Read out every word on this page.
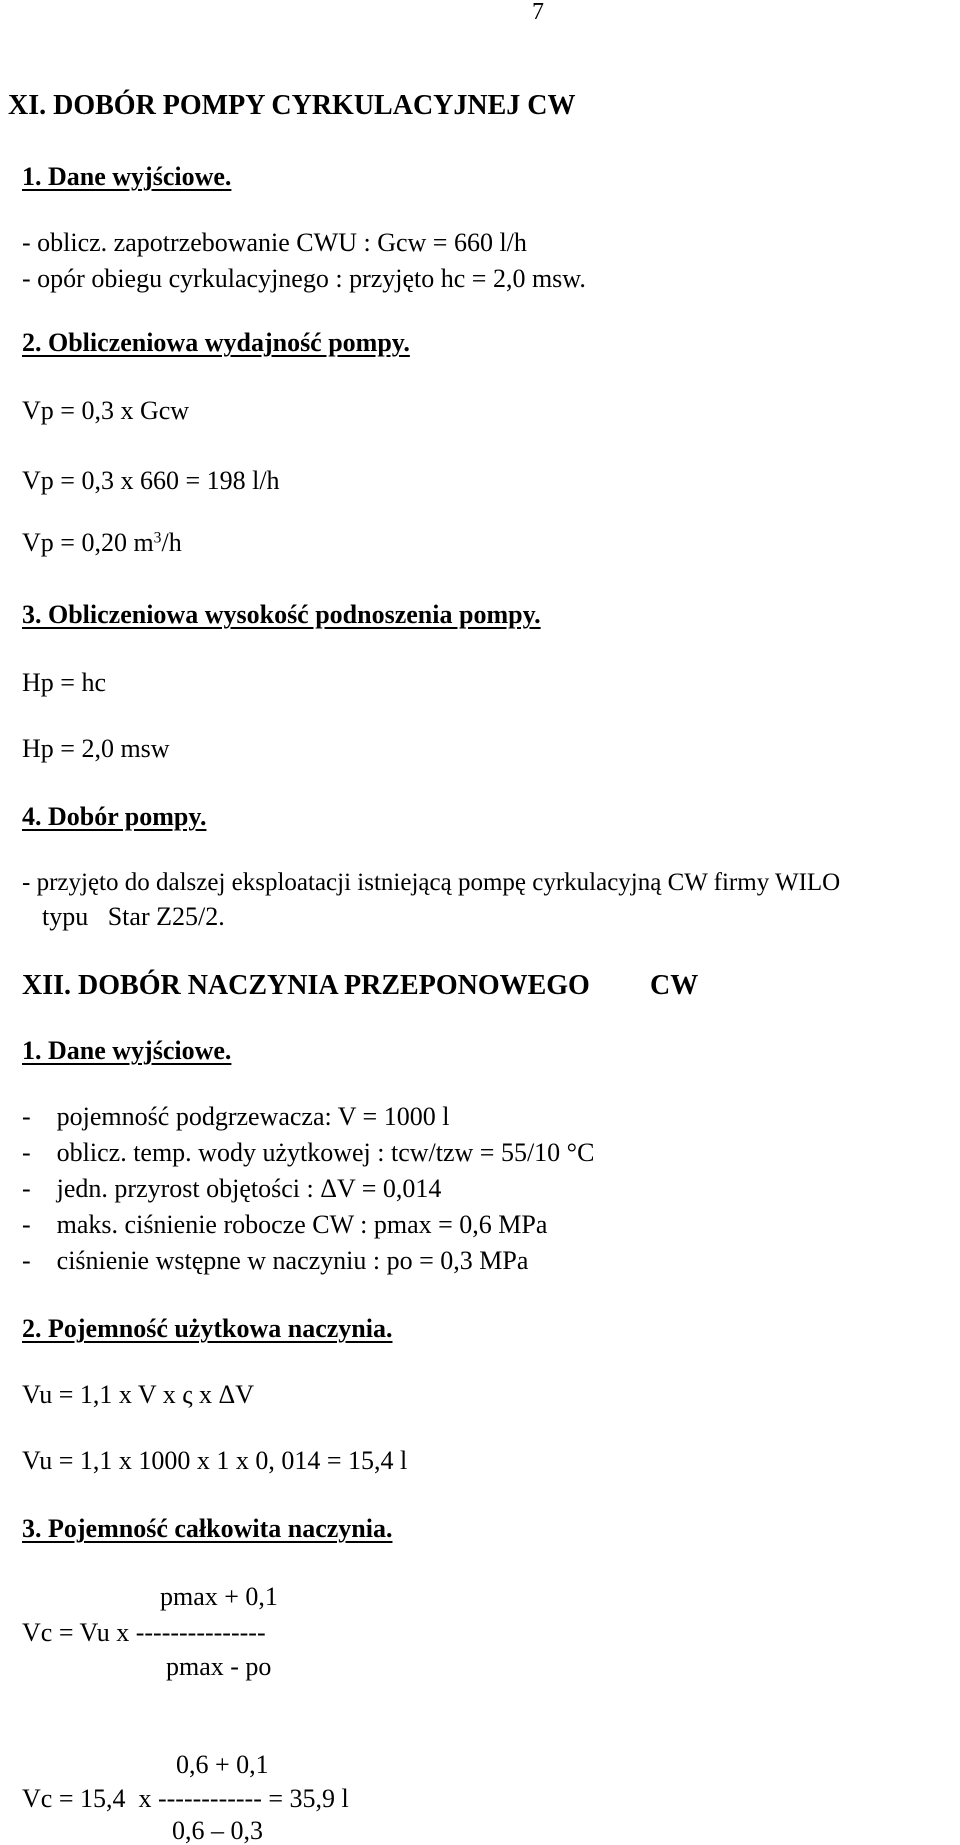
7
XI. DOBÓR POMPY CYRKULACYJNEJ CW
1. Dane wyjściowe.
- oblicz. zapotrzebowanie CWU : Gcw = 660 l/h
- opór obiegu cyrkulacyjnego : przyjęto hc = 2,0 msw.
2. Obliczeniowa wydajność pompy.
Vp = 0,3 x Gcw
Vp = 0,3 x 660 = 198 l/h
Vp = 0,20 $m^3/h$
3. Obliczeniowa wysokość podnoszenia pompy.
Hp = hc
Hp = 2,0 msw
4. Dobór pompy.
- przyjęto do dalszej eksploatacji istniejącą pompę cyrkulacyjną CW firmy WILO
typu   Star Z25/2.
XII. DOBÓR NACZYNIA PRZEPONOWEGO CW
1. Dane wyjściowe.
-    pojemność podgrzewacza: V = 1000 l
-    oblicz. temp. wody użytkowej : tcw/tzw = 55/10 °C
-    jedn. przyrost objętości : ΔV = 0,014
-    maks. ciśnienie robocze CW : pmax = 0,6 MPa
-    ciśnienie wstępne w naczyniu : po = 0,3 MPa
2. Pojemność użytkowa naczynia.
Vu = 1,1 x V x ς x ΔV
Vu = 1,1 x 1000 x 1 x 0, 014 = 15,4 l
3. Pojemność całkowita naczynia.
pmax + 0,1
Vc = Vu x ---------------
pmax - po
0,6 + 0,1
Vc = 15,4  x ------------ = 35,9 l
0,6 – 0,3
